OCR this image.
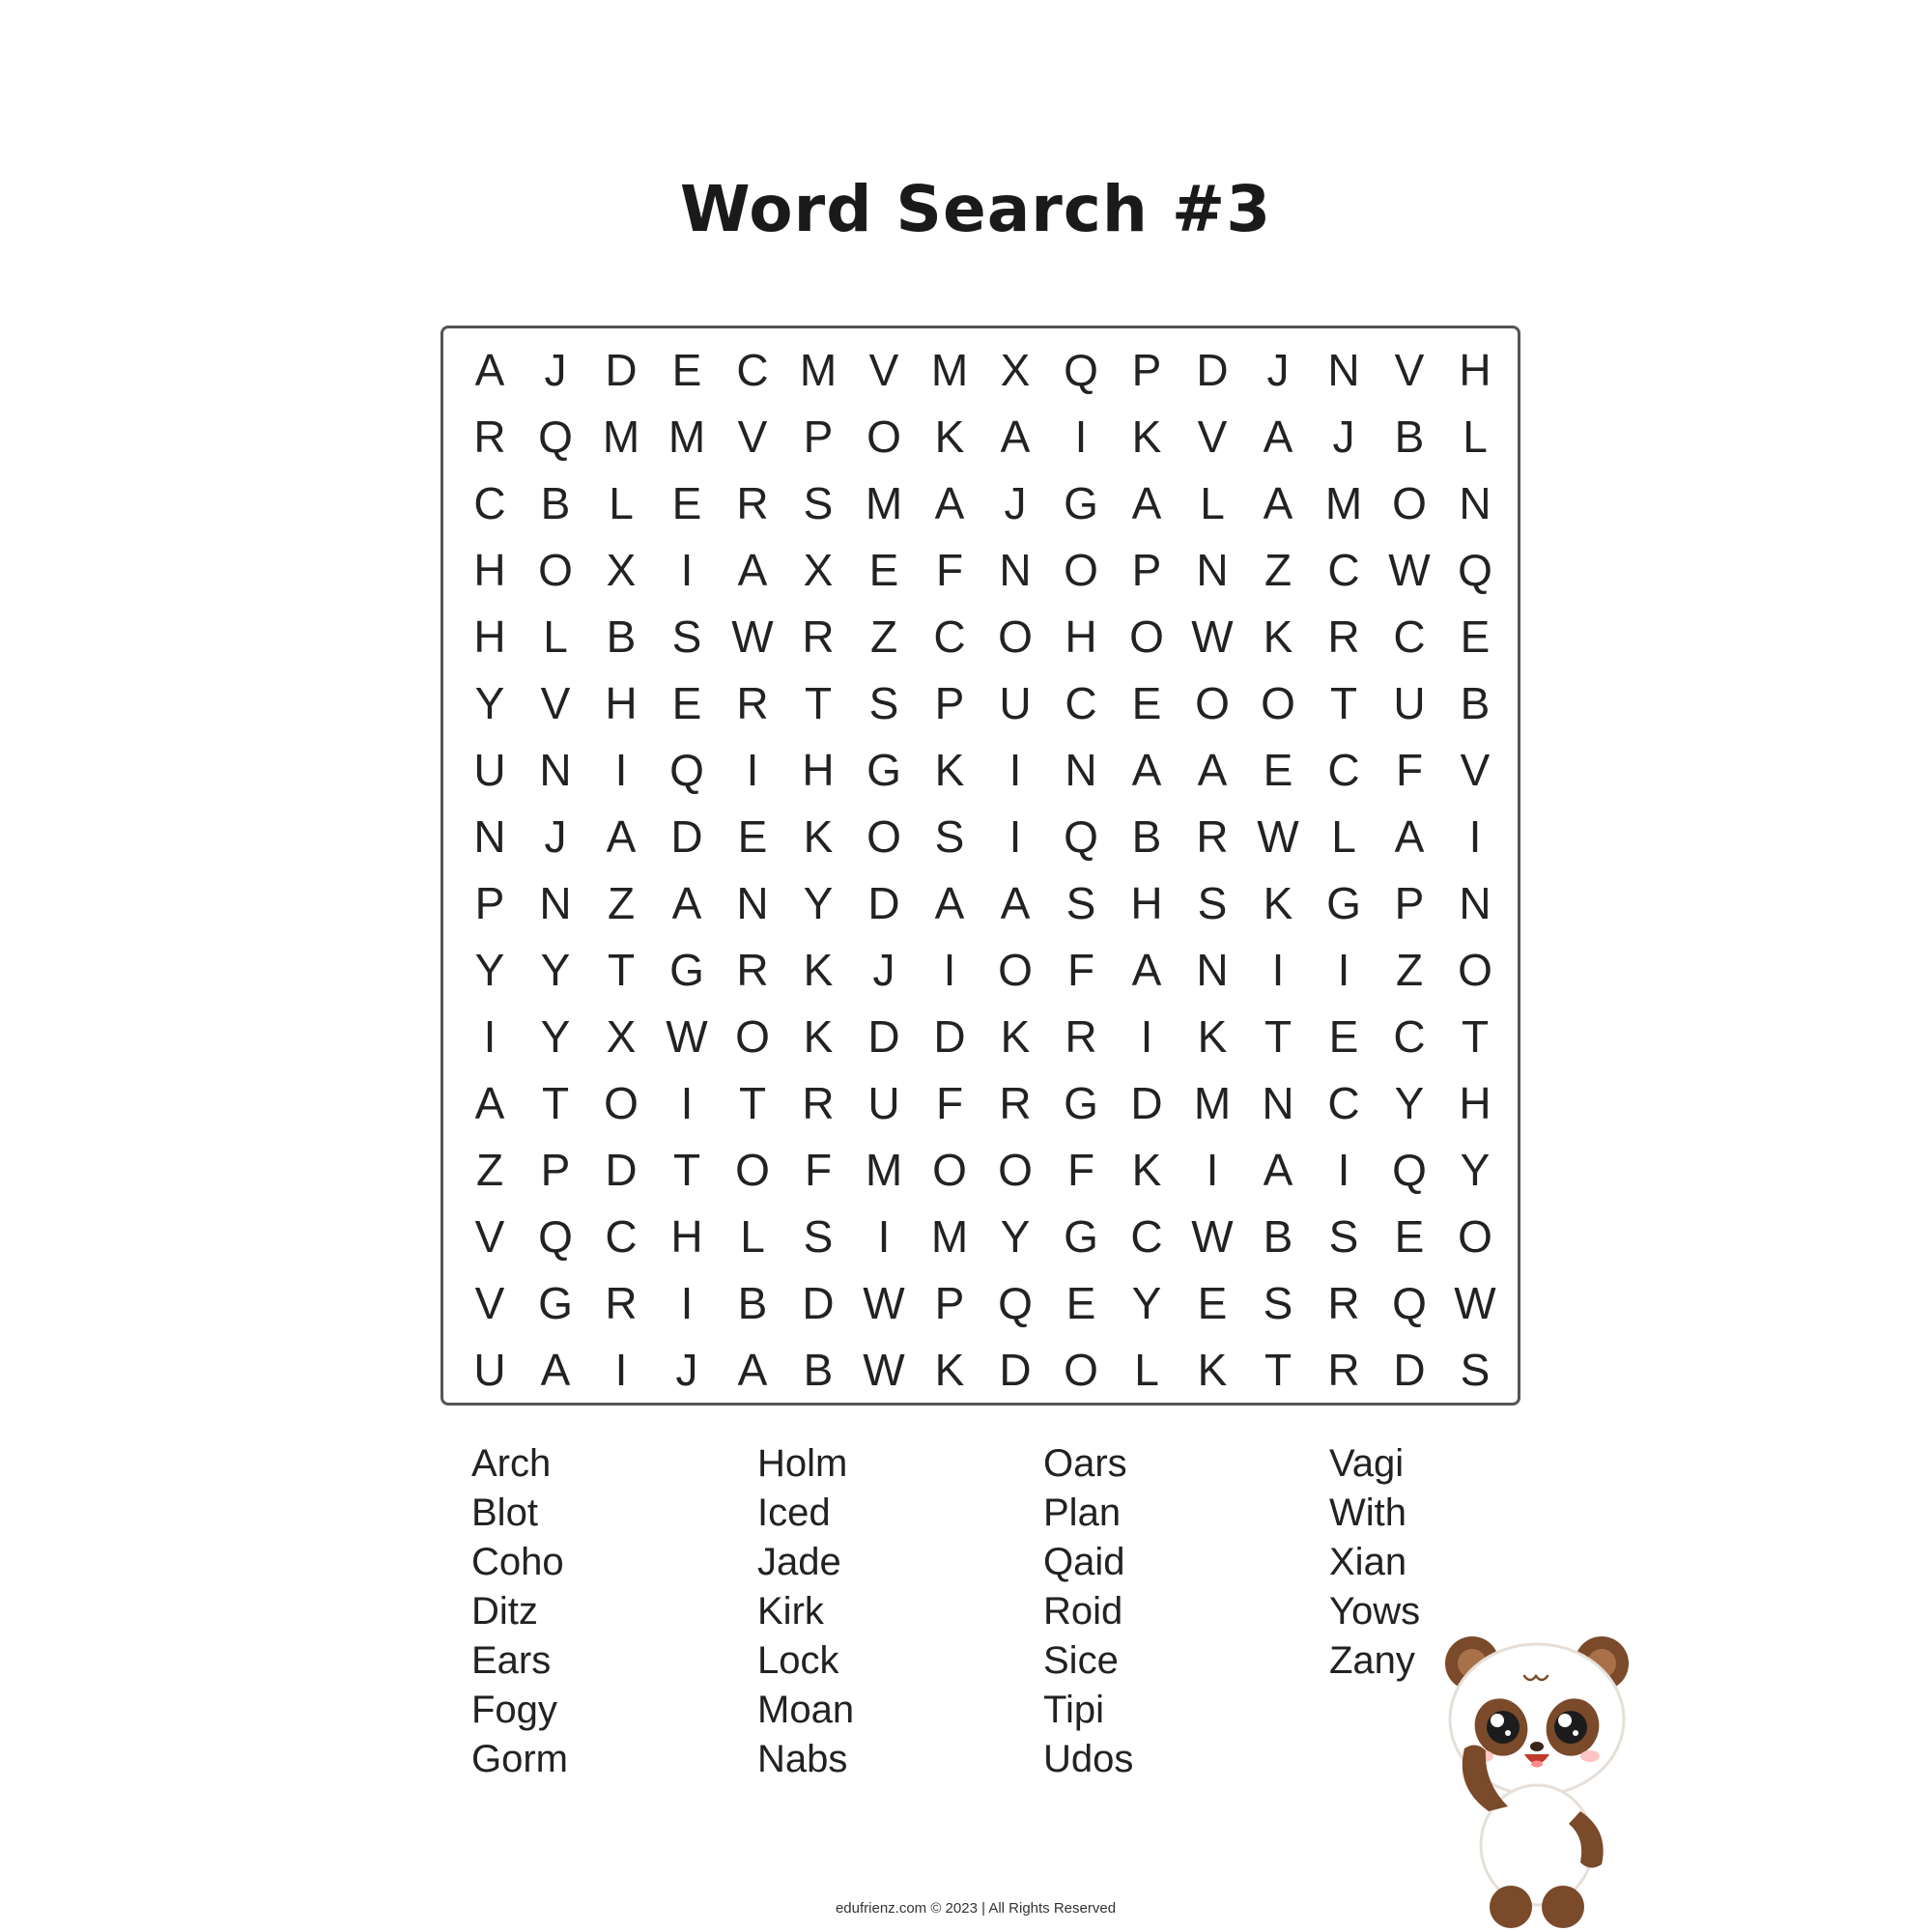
Word Search #3
A J D E C M V M X Q P D J N V H
R Q M M V P O K A	I	K V A J B L
C B L E R S M A J G A L A M O N
H O X	I	A X E F N O P N Z C W Q
H L B S W R Z C O H O W K R C E
Y V H E R T S P U C E O O T U B
U N I Q I H G K	I N A A E C F V
N J A D E K O S	I Q B R W L A	I
P N Z A N Y D A A S H S K G P N
Y Y T G R K J	I O F A N I	I	Z O
I	Y X W O K D D K R I	K T E C T
A T O I	T R U F R G D M N C Y H
Z P D T O F M O O F K	I	A	I Q Y
V Q C H L S	I M Y G C W B S E O
V G R I	B D W P Q E Y E S R Q W
U A	I	J A B W K D O L K T R D S
Arch
Blot
Coho
Ditz
Ears
Fogy
Gorm
Holm
Iced
Jade
Kirk
Lock
Moan
Nabs
Oars
Plan
Qaid
Roid
Sice
Tipi
Udos
Vagi
With
Xian
Yows
Zany
edufrienz.com © 2023 | All Rights Reserved
